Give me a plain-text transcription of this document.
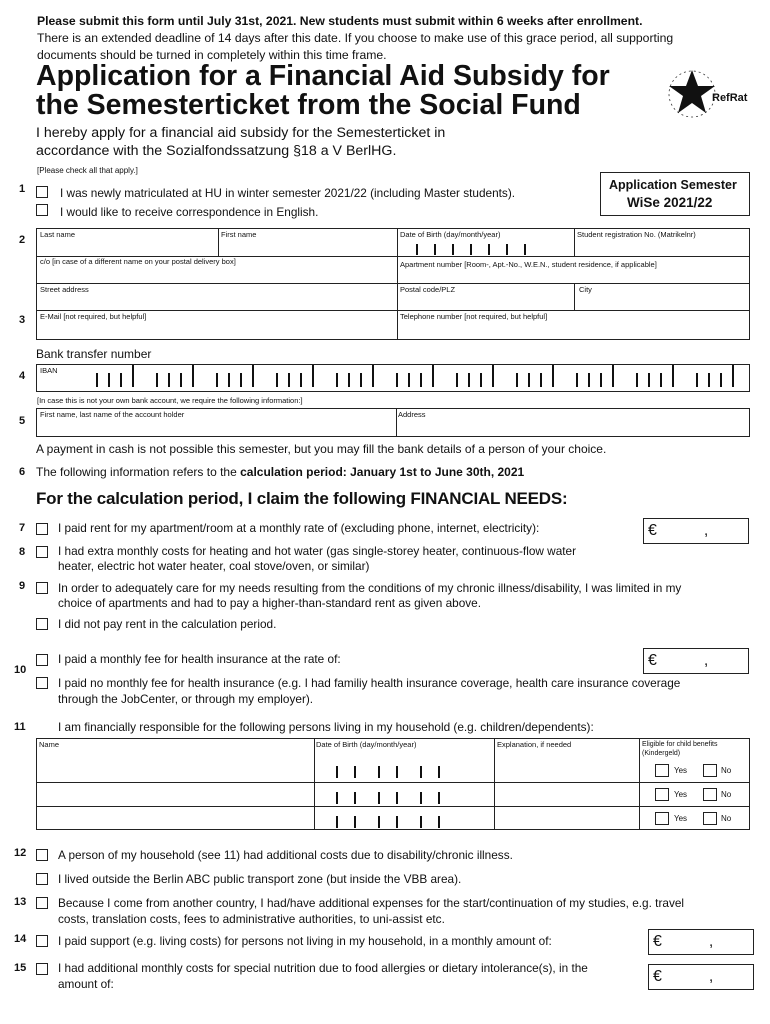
Please submit this form until July 31st, 2021. New students must submit within 6 weeks after enrollment.
There is an extended deadline of 14 days after this date. If you choose to make use of this grace period, all supporting
documents should be turned in completely within this time frame.
Application for a Financial Aid Subsidy for
the Semesterticket from the Social Fund	RefRat
I hereby apply for a financial aid subsidy for the Semesterticket in
accordance with the Sozialfondssatzung §18 a V BerlHG.
[Please check all that apply.]
Application Semester
WiSe 2021/22
1	I was newly matriculated at HU in winter semester 2021/22 (including Master students).
I would like to receive correspondence in English.
2
3
Last name	First name	Date of Birth (day/month/year)	Student registration No. (Matrikelnr)
c/o [in case of a different name on your postal delivery box]	Apartment number [Room-, Apt.-No., W.E.N., student residence, if applicable]
Street address	Postal code/PLZ	City
E-Mail [not required, but helpful]	Telephone number [not required, but helpful]
Bank transfer number
4 IBAN
[In case this is not your own bank account, we require the following information:]
5
First name, last name of the account holder	Address
A payment in cash is not possible this semester, but you may fill the bank details of a person of your choice.
6 The following information refers to the calculation period: January 1st to June 30th, 2021
For the calculation period, I claim the following FINANCIAL NEEDS:
7	I paid rent for my apartment/room at a monthly rate of (excluding phone, internet, electricity):	€	,
8	I had extra monthly costs for heating and hot water (gas single-storey heater, continuous-flow water
heater, electric hot water heater, coal stove/oven, or similar)
9	In order to adequately care for my needs resulting from the conditions of my chronic illness/disability, I was limited in my
choice of apartments and had to pay a higher-than-standard rent as given above.
I did not pay rent in the calculation period.
10
I paid a monthly fee for health insurance at the rate of:	€	,
I paid no monthly fee for health insurance (e.g. I had familiy health insurance coverage, health care insurance coverage
through the JobCenter, or through my employer).
11	I am financially responsible for the following persons living in my household (e.g. children/dependents):
Name	Date of Birth (day/month/year)	Explanation, if needed	Eligible for child benefits
(Kindergeld)
Yes	No
Yes	No
Yes	No
12	A person of my household (see 11) had additional costs due to disability/chronic illness.
I lived outside the Berlin ABC public transport zone (but inside the VBB area).
13	Because I come from another country, I had/have additional expenses for the start/continuation of my studies, e.g. travel
costs, translation costs, fees to administrative authorities, to uni-assist etc.
14	I paid support (e.g. living costs) for persons not living in my household, in a monthly amount of:	€	,
15	I had additional monthly costs for special nutrition due to food allergies or dietary intolerance(s), in the
amount of:	€	,
